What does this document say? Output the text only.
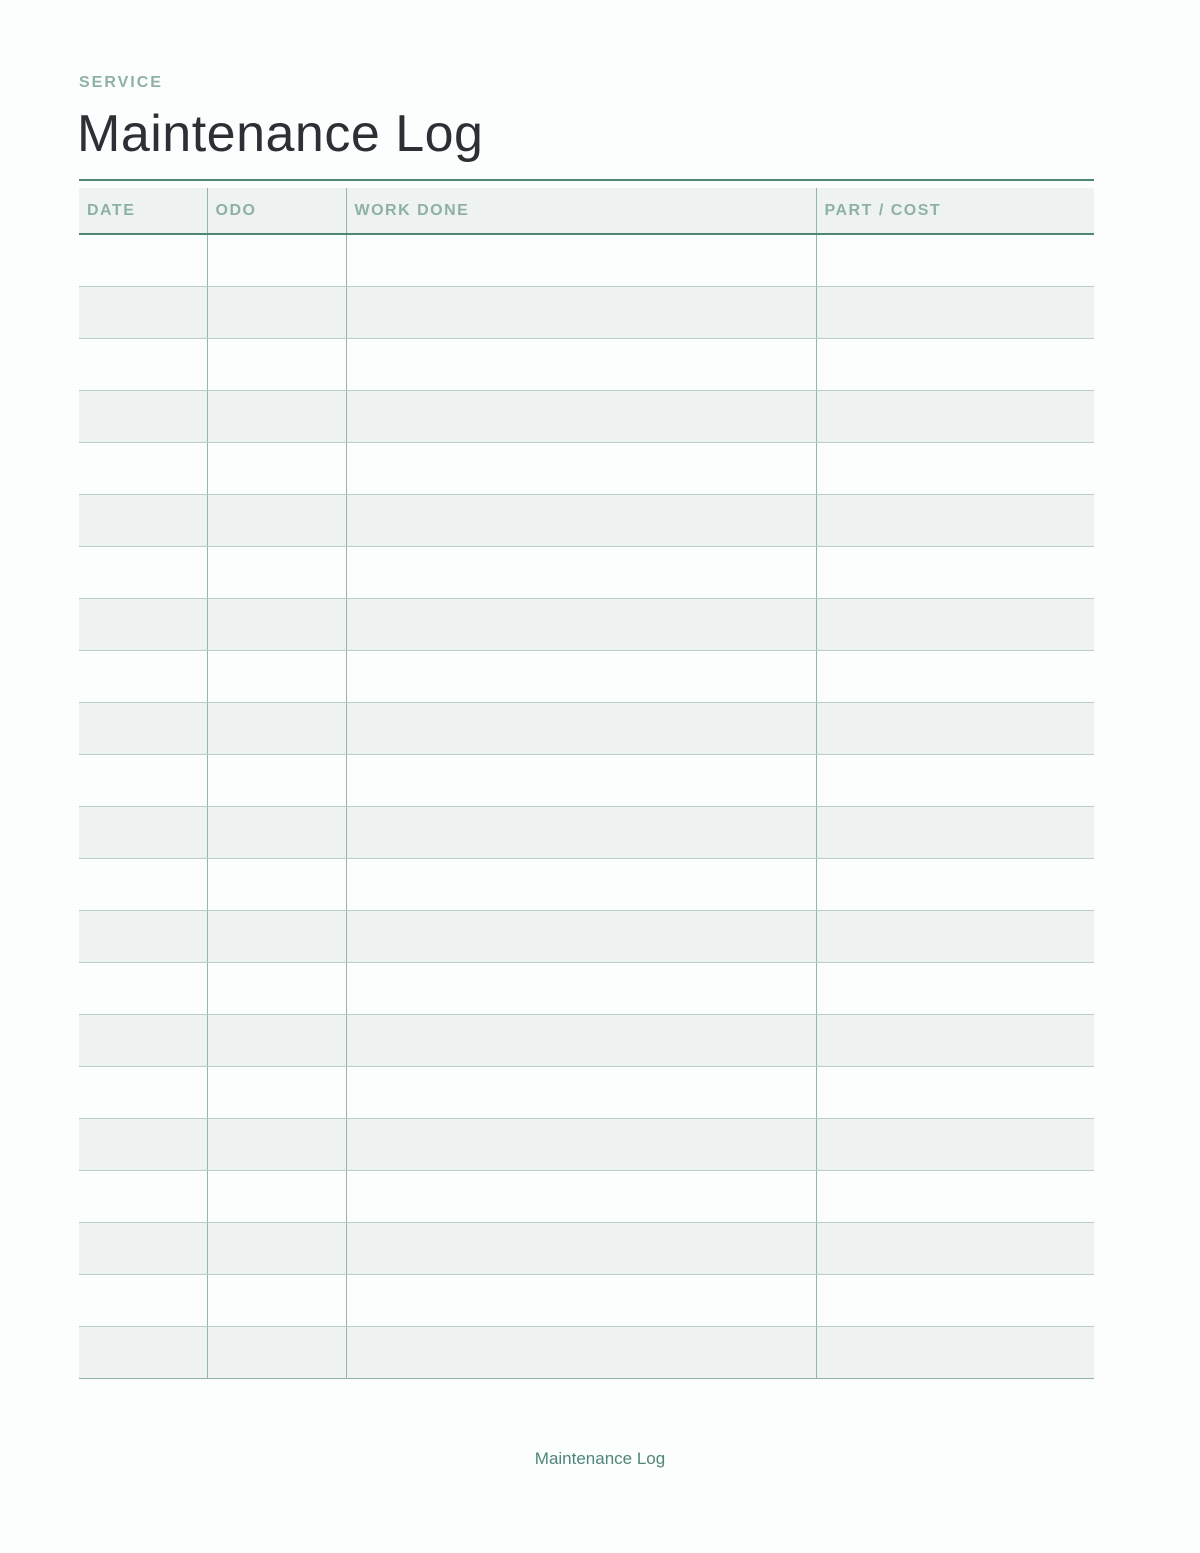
SERVICE
Maintenance Log
DATE	ODO	WORK DONE	PART / COST

Maintenance Log
